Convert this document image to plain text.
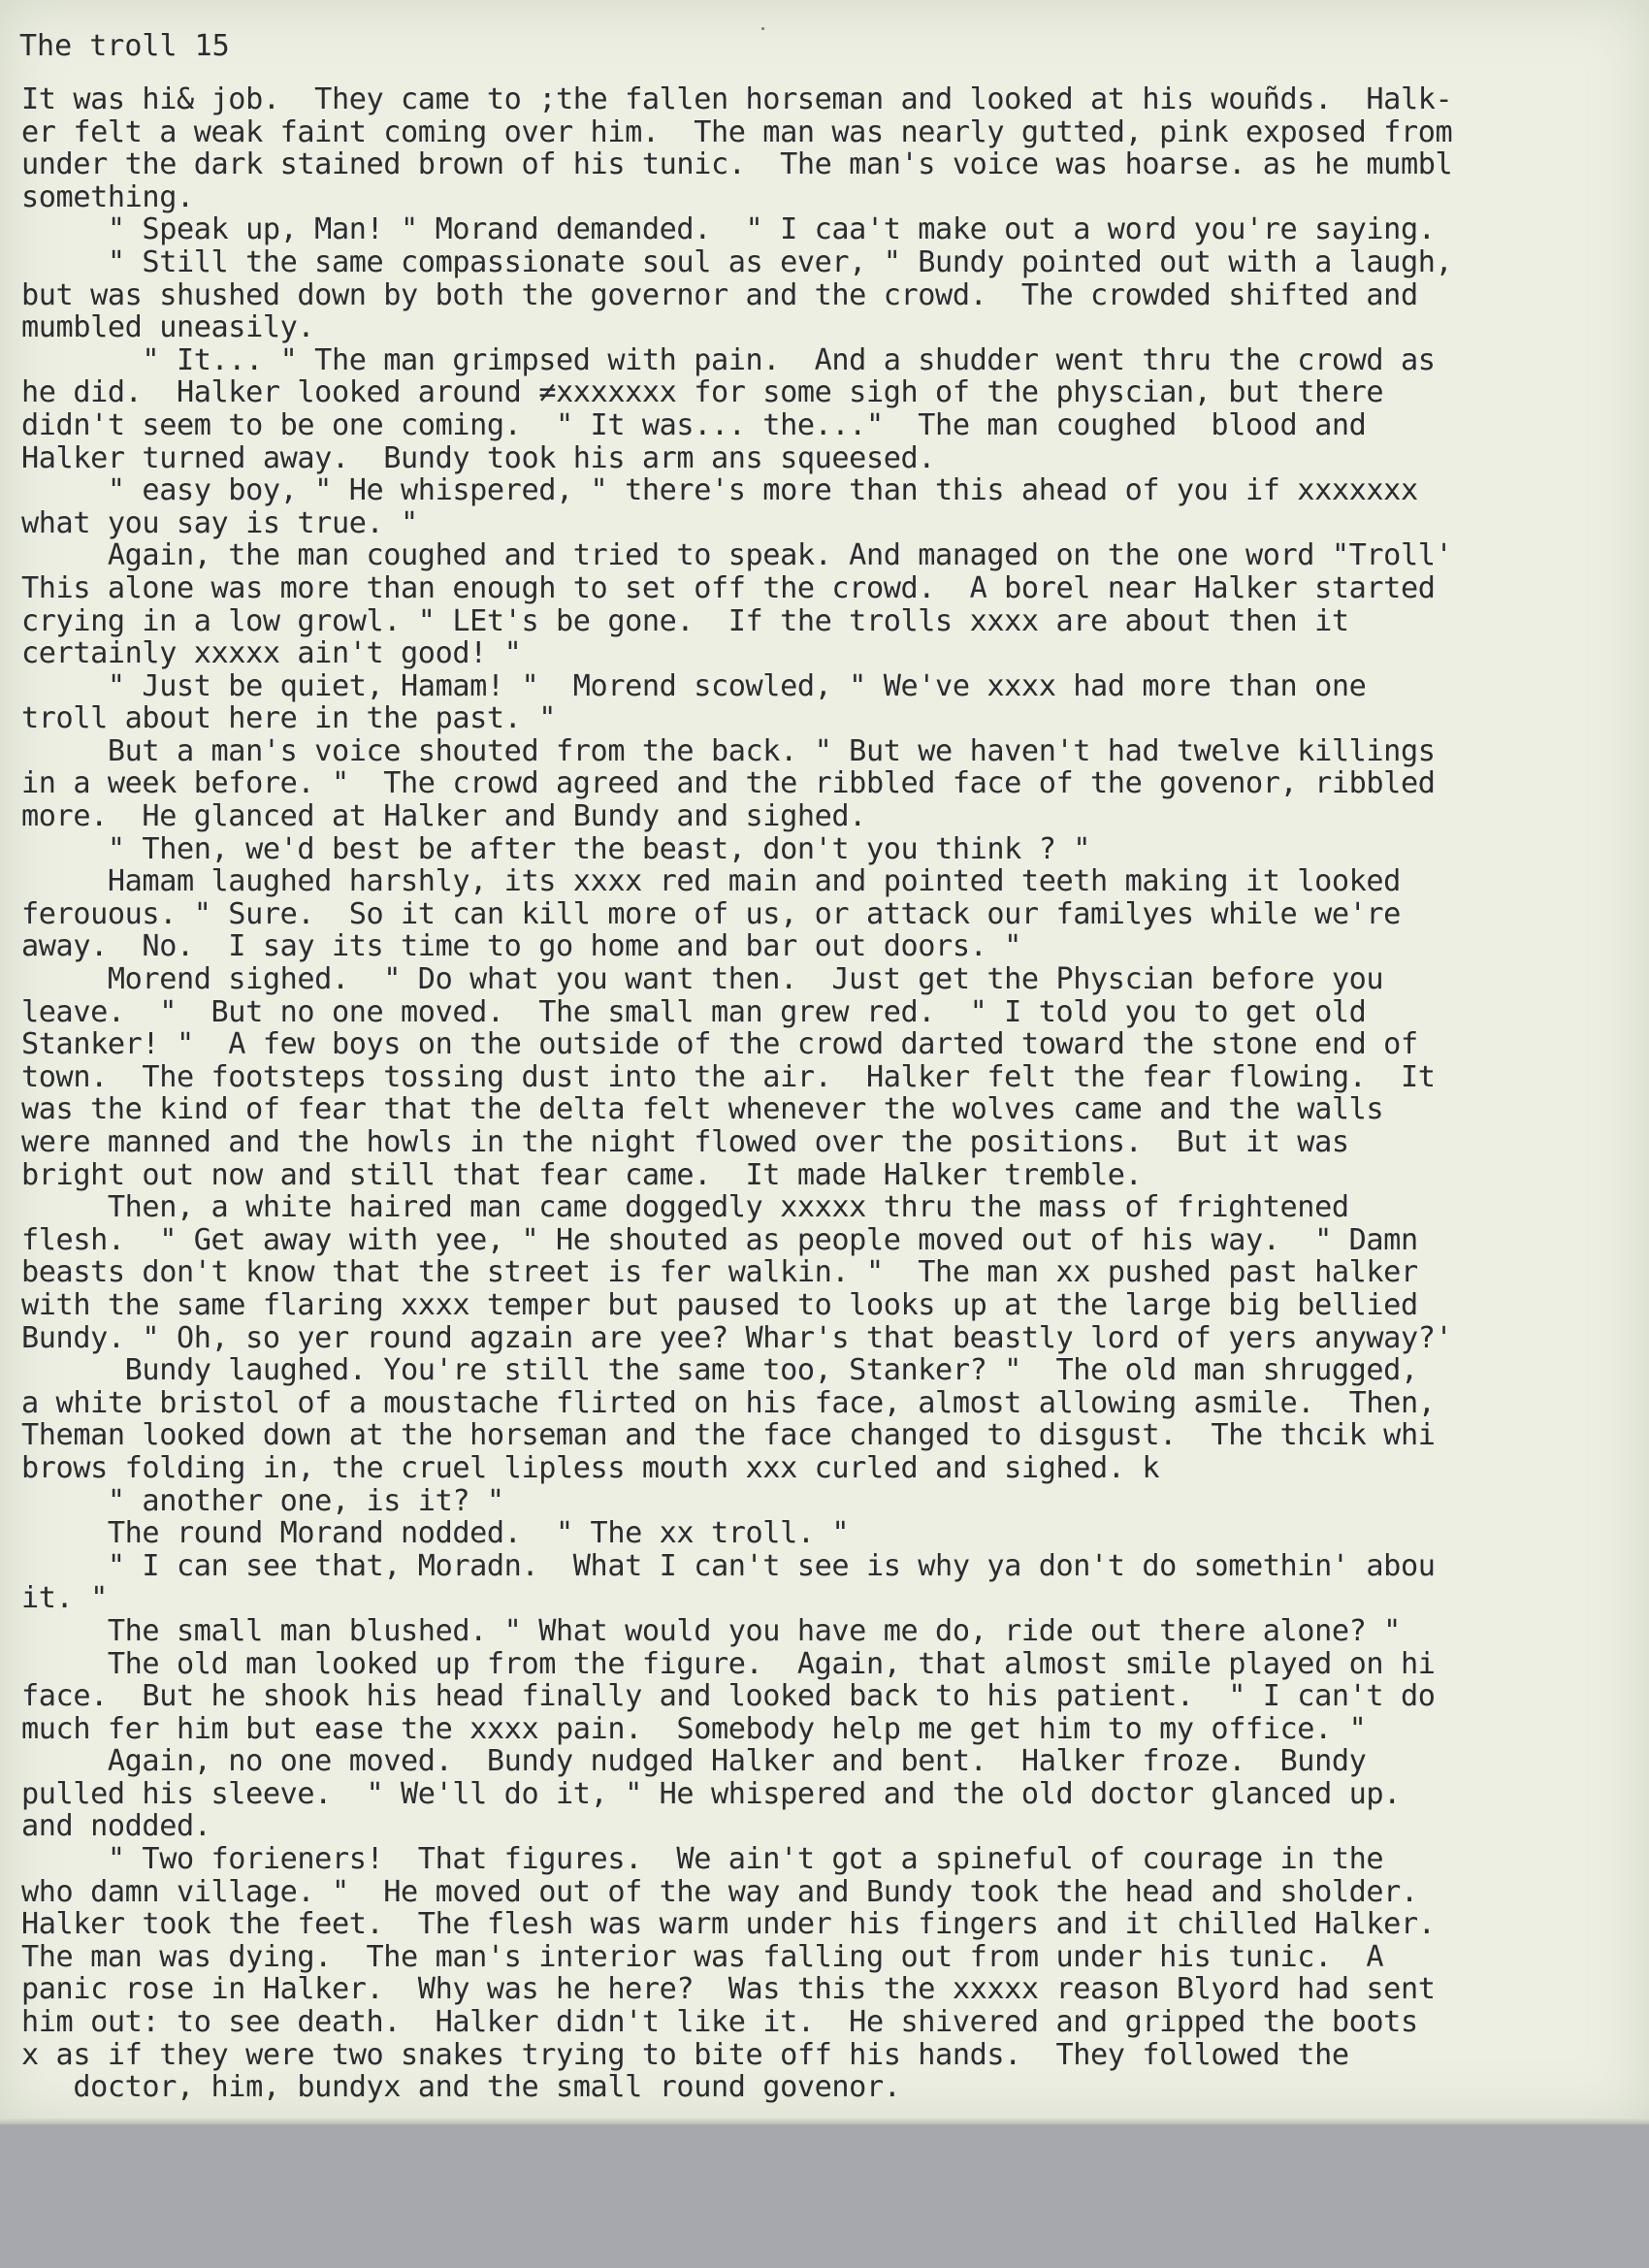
The troll 15
It was hi& job.  They came to ;the fallen horseman and looked at his wouñds.  Halk-
er felt a weak faint coming over him.  The man was nearly gutted, pink exposed from
under the dark stained brown of his tunic.  The man's voice was hoarse. as he mumbl
something.
" Speak up, Man! " Morand demanded.  " I caa't make out a word you're saying.
" Still the same compassionate soul as ever, " Bundy pointed out with a laugh,
but was shushed down by both the governor and the crowd.  The crowded shifted and
mumbled uneasily.
" It... " The man grimpsed with pain.  And a shudder went thru the crowd as
he did.  Halker looked around ≠xxxxxxx for some sigh of the physcian, but there
didn't seem to be one coming.  " It was... the..."  The man coughed  blood and
Halker turned away.  Bundy took his arm ans squeesed.
" easy boy, " He whispered, " there's more than this ahead of you if xxxxxxx
what you say is true. "
Again, the man coughed and tried to speak. And managed on the one word "Troll'
This alone was more than enough to set off the crowd.  A borel near Halker started
crying in a low growl. " LEt's be gone.  If the trolls xxxx are about then it
certainly xxxxx ain't good! "
" Just be quiet, Hamam! "  Morend scowled, " We've xxxx had more than one
troll about here in the past. "
But a man's voice shouted from the back. " But we haven't had twelve killings
in a week before. "  The crowd agreed and the ribbled face of the govenor, ribbled
more.  He glanced at Halker and Bundy and sighed.
" Then, we'd best be after the beast, don't you think ? "
Hamam laughed harshly, its xxxx red main and pointed teeth making it looked
ferouous. " Sure.  So it can kill more of us, or attack our familyes while we're
away.  No.  I say its time to go home and bar out doors. "
Morend sighed.  " Do what you want then.  Just get the Physcian before you
leave.  "  But no one moved.  The small man grew red.  " I told you to get old
Stanker! "  A few boys on the outside of the crowd darted toward the stone end of
town.  The footsteps tossing dust into the air.  Halker felt the fear flowing.  It
was the kind of fear that the delta felt whenever the wolves came and the walls
were manned and the howls in the night flowed over the positions.  But it was
bright out now and still that fear came.  It made Halker tremble.
Then, a white haired man came doggedly xxxxx thru the mass of frightened
flesh.  " Get away with yee, " He shouted as people moved out of his way.  " Damn
beasts don't know that the street is fer walkin. "  The man xx pushed past halker
with the same flaring xxxx temper but paused to looks up at the large big bellied
Bundy. " Oh, so yer round agzain are yee? Whar's that beastly lord of yers anyway?'
Bundy laughed. You're still the same too, Stanker? "  The old man shrugged,
a white bristol of a moustache flirted on his face, almost allowing asmile.  Then,
Theman looked down at the horseman and the face changed to disgust.  The thcik whi
brows folding in, the cruel lipless mouth xxx curled and sighed. k
" another one, is it? "
The round Morand nodded.  " The xx troll. "
" I can see that, Moradn.  What I can't see is why ya don't do somethin' abou
it. "
The small man blushed. " What would you have me do, ride out there alone? "
The old man looked up from the figure.  Again, that almost smile played on hi
face.  But he shook his head finally and looked back to his patient.  " I can't do
much fer him but ease the xxxx pain.  Somebody help me get him to my office. "
Again, no one moved.  Bundy nudged Halker and bent.  Halker froze.  Bundy
pulled his sleeve.  " We'll do it, " He whispered and the old doctor glanced up.
and nodded.
" Two forieners!  That figures.  We ain't got a spineful of courage in the
who damn village. "  He moved out of the way and Bundy took the head and sholder.
Halker took the feet.  The flesh was warm under his fingers and it chilled Halker.
The man was dying.  The man's interior was falling out from under his tunic.  A
panic rose in Halker.  Why was he here?  Was this the xxxxx reason Blyord had sent
him out: to see death.  Halker didn't like it.  He shivered and gripped the boots
x as if they were two snakes trying to bite off his hands.  They followed the
doctor, him, bundyx and the small round govenor.
